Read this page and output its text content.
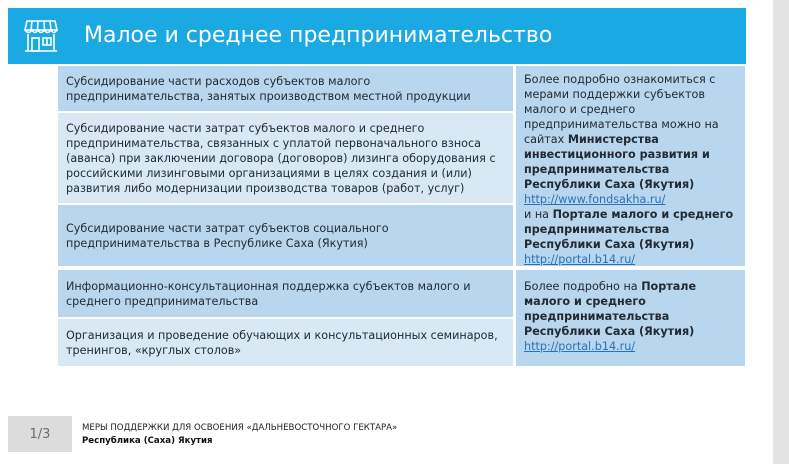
Малое и среднее предпринимательство
Субсидирование части расходов субъектов малого предпринимательства, занятых производством местной продукции
Субсидирование части затрат субъектов малого и среднего предпринимательства, связанных с уплатой первоначального взноса (аванса) при заключении договора (договоров) лизинга оборудования с российскими лизинговыми организациями в целях создания и (или) развития либо модернизации производства товаров (работ, услуг)
Субсидирование части затрат субъектов социального предпринимательства в Республике Саха (Якутия)
Информационно-консультационная поддержка субъектов малого и среднего предпринимательства
Организация и проведение обучающих и консультационных семинаров, тренингов, «круглых столов»
Более подробно ознакомиться с мерами поддержки субъектов малого и среднего предпринимательства можно на сайтах Министерства инвестиционного развития и предпринимательства Республики Саха (Якутия)
http://www.fondsakha.ru/
и на Портале малого и среднего предпринимательства Республики Саха (Якутия) http://portal.b14.ru/
Более подробно на Портале малого и среднего предпринимательства Республики Саха (Якутия)
http://portal.b14.ru/
1/3	МЕРЫ ПОДДЕРЖКИ ДЛЯ ОСВОЕНИЯ «ДАЛЬНЕВОСТОЧНОГО ГЕКТАРА»
Республика (Саха) Якутия
